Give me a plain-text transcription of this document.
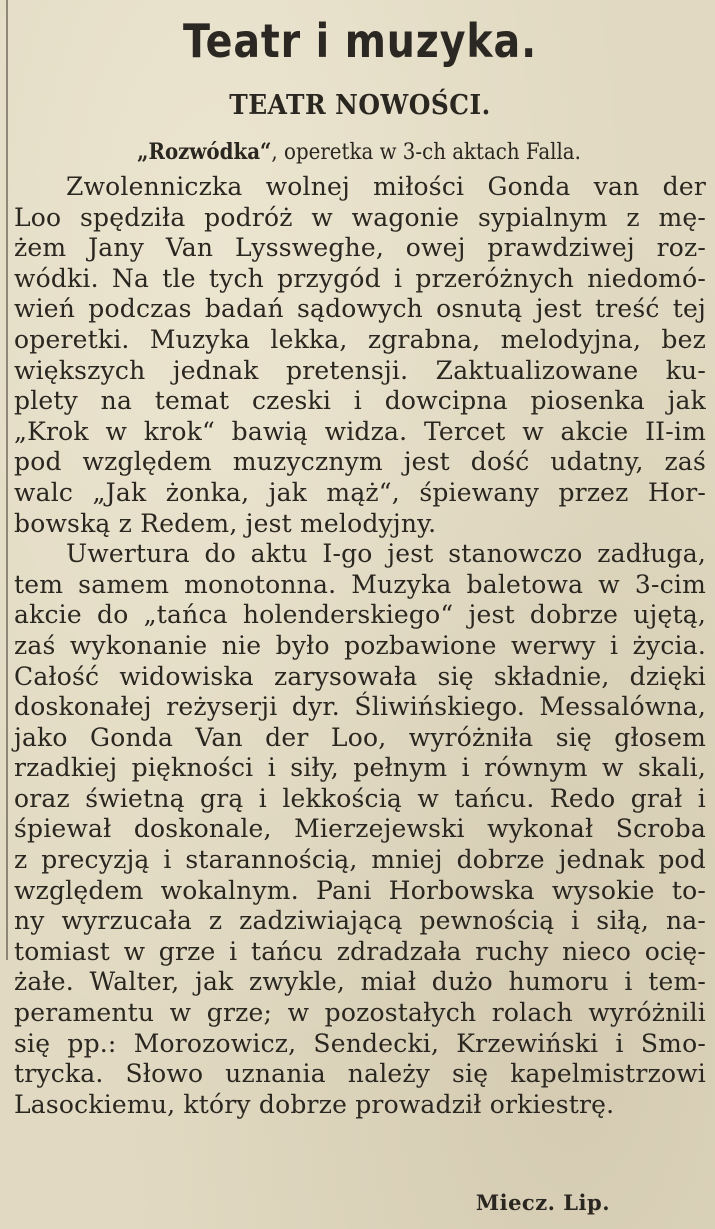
Teatr i muzyka.
TEATR NOWOŚCI.
„Rozwódka“, operetka w 3-ch aktach Falla.
Zwolenniczka wolnej miłości Gonda van der
Loo spędziła podróż w wagonie sypialnym z mę-
żem Jany Van Lyssweghe, owej prawdziwej roz-
wódki. Na tle tych przygód i przeróżnych niedomó-
wień podczas badań sądowych osnutą jest treść tej
operetki. Muzyka lekka, zgrabna, melodyjna, bez
większych jednak pretensji. Zaktualizowane ku-
plety na temat czeski i dowcipna piosenka jak
„Krok w krok“ bawią widza. Tercet w akcie II-im
pod względem muzycznym jest dość udatny, zaś
walc „Jak żonka, jak mąż“, śpiewany przez Hor-
bowską z Redem, jest melodyjny.
Uwertura do aktu I-go jest stanowczo zadługa,
tem samem monotonna. Muzyka baletowa w 3-cim
akcie do „tańca holenderskiego“ jest dobrze ujętą,
zaś wykonanie nie było pozbawione werwy i życia.
Całość widowiska zarysowała się składnie, dzięki
doskonałej reżyserji dyr. Śliwińskiego. Messalówna,
jako Gonda Van der Loo, wyróżniła się głosem
rzadkiej piękności i siły, pełnym i równym w skali,
oraz świetną grą i lekkością w tańcu. Redo grał i
śpiewał doskonale, Mierzejewski wykonał Scroba
z precyzją i starannością, mniej dobrze jednak pod
względem wokalnym. Pani Horbowska wysokie to-
ny wyrzucała z zadziwiającą pewnością i siłą, na-
tomiast w grze i tańcu zdradzała ruchy nieco ocię-
żałe. Walter, jak zwykle, miał dużo humoru i tem-
peramentu w grze; w pozostałych rolach wyróżnili
się pp.: Morozowicz, Sendecki, Krzewiński i Smo-
trycka. Słowo uznania należy się kapelmistrzowi
Lasockiemu, który dobrze prowadził orkiestrę.
Miecz. Lip.
